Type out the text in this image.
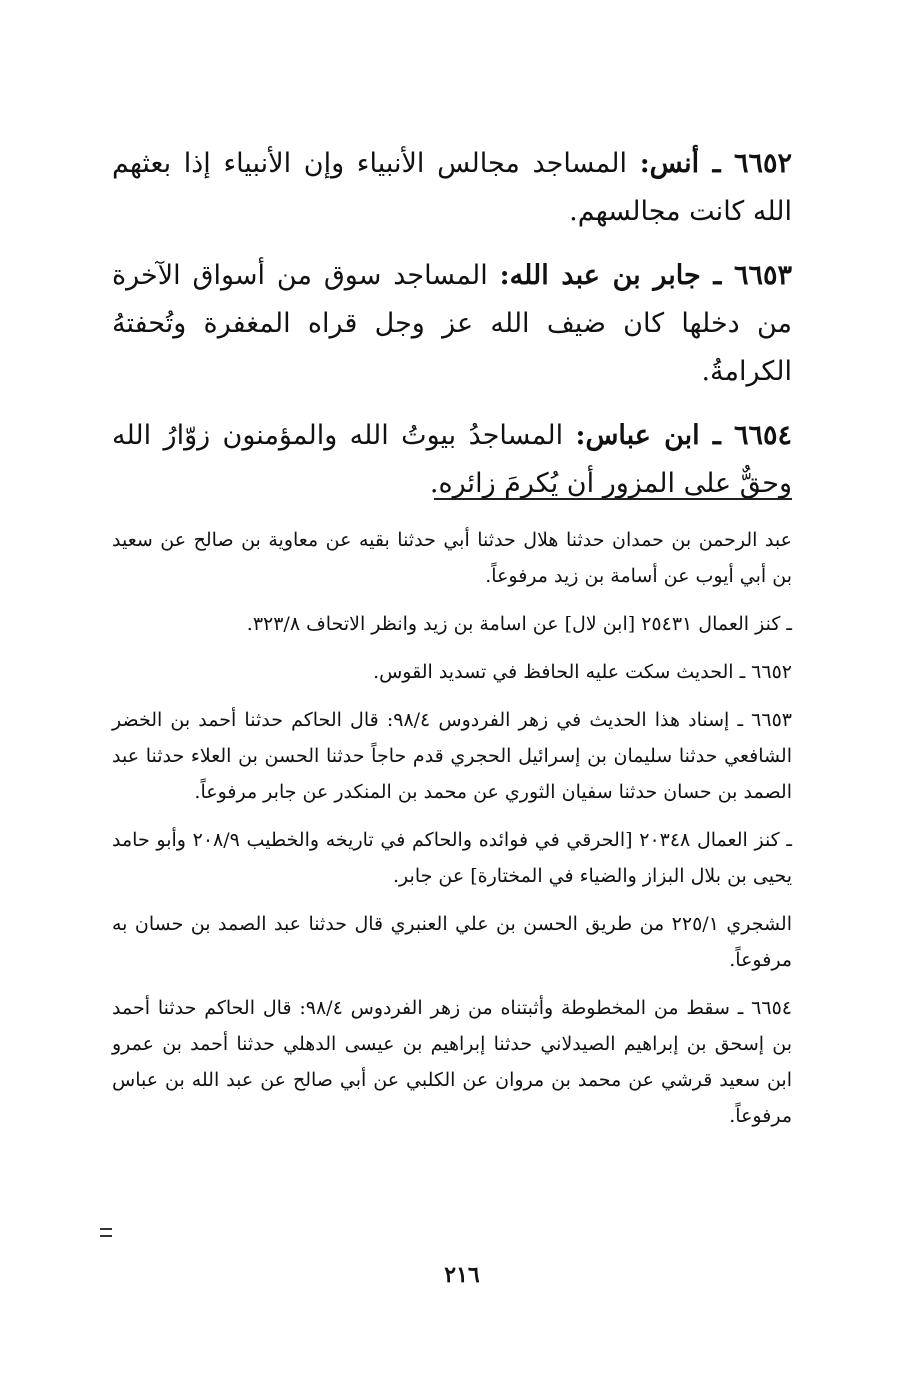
٦٦٥٢ ـ أنس: المساجد مجالس الأنبياء وإن الأنبياء إذا بعثهم الله كانت مجالسهم.

٦٦٥٣ ـ جابر بن عبد الله: المساجد سوق من أسواق الآخرة من دخلها كان ضيف الله عز وجل قراه المغفرة وتُحفتهُ الكرامةُ.

٦٦٥٤ ـ ابن عباس: المساجدُ بيوتُ الله والمؤمنون زوّارُ الله وحقٌّ على المزور أن يُكرمَ زائره.

عبد الرحمن بن حمدان حدثنا هلال حدثنا أبي حدثنا بقيه عن معاوية بن صالح عن سعيد بن أبي أيوب عن أسامة بن زيد مرفوعاً.

ـ كنز العمال ٢٥٤٣١ [ابن لال] عن اسامة بن زيد وانظر الاتحاف ٣٢٣/٨.

٦٦٥٢ ـ الحديث سكت عليه الحافظ في تسديد القوس.

٦٦٥٣ ـ إسناد هذا الحديث في زهر الفردوس ٩٨/٤: قال الحاكم حدثنا أحمد بن الخضر الشافعي حدثنا سليمان بن إسرائيل الحجري قدم حاجاً حدثنا الحسن بن العلاء حدثنا عبد الصمد بن حسان حدثنا سفيان الثوري عن محمد بن المنكدر عن جابر مرفوعاً.

ـ كنز العمال ٢٠٣٤٨ [الحرقي في فوائده والحاكم في تاريخه والخطيب ٢٠٨/٩ وأبو حامد يحيى بن بلال البزاز والضياء في المختارة] عن جابر.

الشجري ٢٢٥/١ من طريق الحسن بن علي العنبري قال حدثنا عبد الصمد بن حسان به مرفوعاً.

٦٦٥٤ ـ سقط من المخطوطة وأثبتناه من زهر الفردوس ٩٨/٤: قال الحاكم حدثنا أحمد بن إسحق بن إبراهيم الصيدلاني حدثنا إبراهيم بن عيسى الدهلي حدثنا أحمد بن عمرو ابن سعيد قرشي عن محمد بن مروان عن الكلبي عن أبي صالح عن عبد الله بن عباس مرفوعاً.

٢١٦
